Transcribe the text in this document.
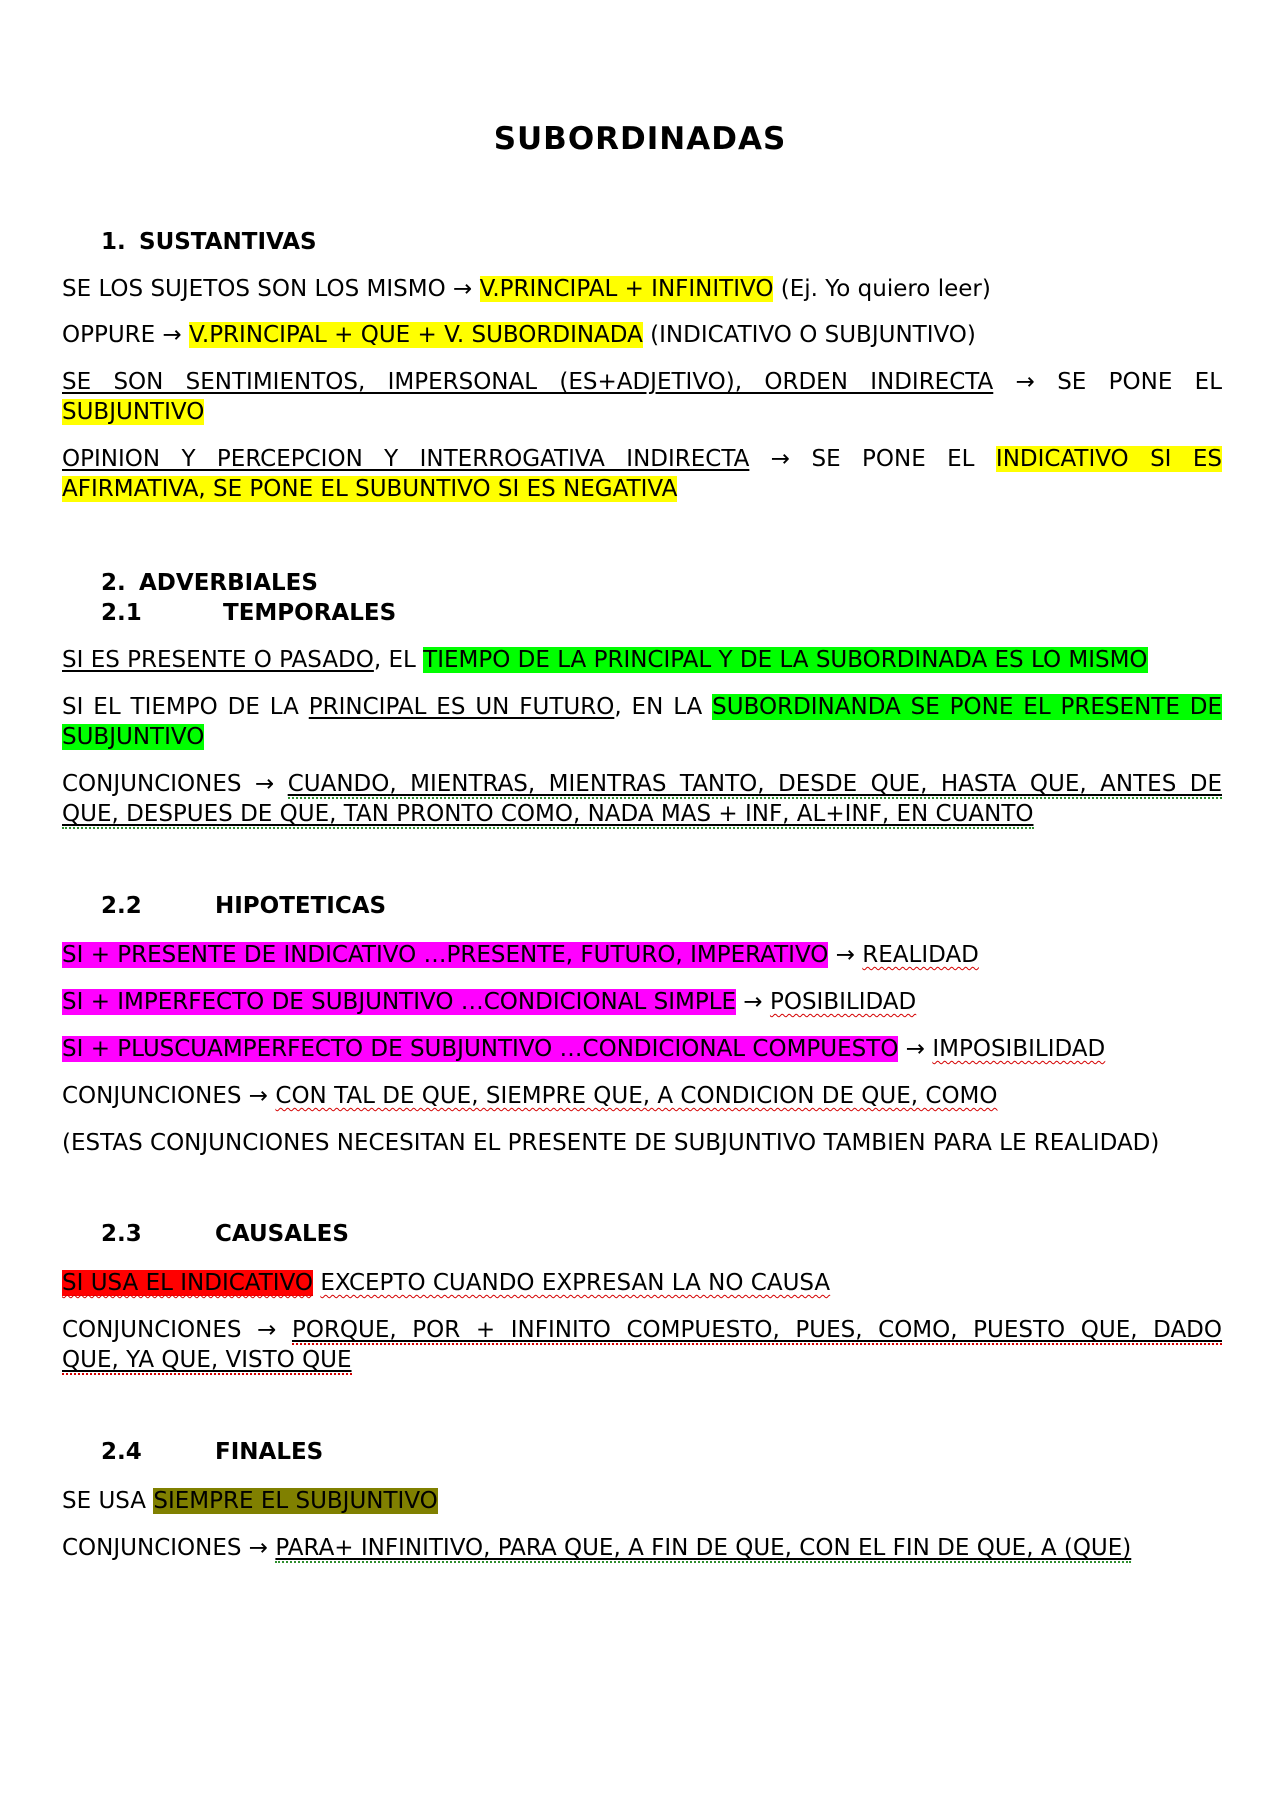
SUBORDINADAS
1. SUSTANTIVAS

SE LOS SUJETOS SON LOS MISMO → V.PRINCIPAL + INFINITIVO (Ej. Yo quiero leer)

OPPURE → V.PRINCIPAL + QUE + V. SUBORDINADA (INDICATIVO O SUBJUNTIVO)

SE SON SENTIMIENTOS, IMPERSONAL (ES+ADJETIVO), ORDEN INDIRECTA → SE PONE EL

SUBJUNTIVO

OPINION Y PERCEPCION Y INTERROGATIVA INDIRECTA → SE PONE EL INDICATIVO SI ES

AFIRMATIVA, SE PONE EL SUBUNTIVO SI ES NEGATIVA

2. ADVERBIALES
2.1	TEMPORALES

SI ES PRESENTE O PASADO, EL TIEMPO DE LA PRINCIPAL Y DE LA SUBORDINADA ES LO MISMO

SI EL TIEMPO DE LA PRINCIPAL ES UN FUTURO, EN LA SUBORDINANDA SE PONE EL PRESENTE DE

SUBJUNTIVO

CONJUNCIONES → CUANDO, MIENTRAS, MIENTRAS TANTO, DESDE QUE, HASTA QUE, ANTES DE

QUE, DESPUES DE QUE, TAN PRONTO COMO, NADA MAS + INF, AL+INF, EN CUANTO

2.2	HIPOTETICAS

SI + PRESENTE DE INDICATIVO …PRESENTE, FUTURO, IMPERATIVO → REALIDAD

SI + IMPERFECTO DE SUBJUNTIVO …CONDICIONAL SIMPLE → POSIBILIDAD

SI + PLUSCUAMPERFECTO DE SUBJUNTIVO …CONDICIONAL COMPUESTO → IMPOSIBILIDAD

CONJUNCIONES → CON TAL DE QUE, SIEMPRE QUE, A CONDICION DE QUE, COMO

(ESTAS CONJUNCIONES NECESITAN EL PRESENTE DE SUBJUNTIVO TAMBIEN PARA LE REALIDAD)

2.3	CAUSALES

SI USA EL INDICATIVO EXCEPTO CUANDO EXPRESAN LA NO CAUSA

CONJUNCIONES → PORQUE, POR + INFINITO COMPUESTO, PUES, COMO, PUESTO QUE, DADO

QUE, YA QUE, VISTO QUE

2.4	FINALES

SE USA SIEMPRE EL SUBJUNTIVO

CONJUNCIONES → PARA+ INFINITIVO, PARA QUE, A FIN DE QUE, CON EL FIN DE QUE, A (QUE)
